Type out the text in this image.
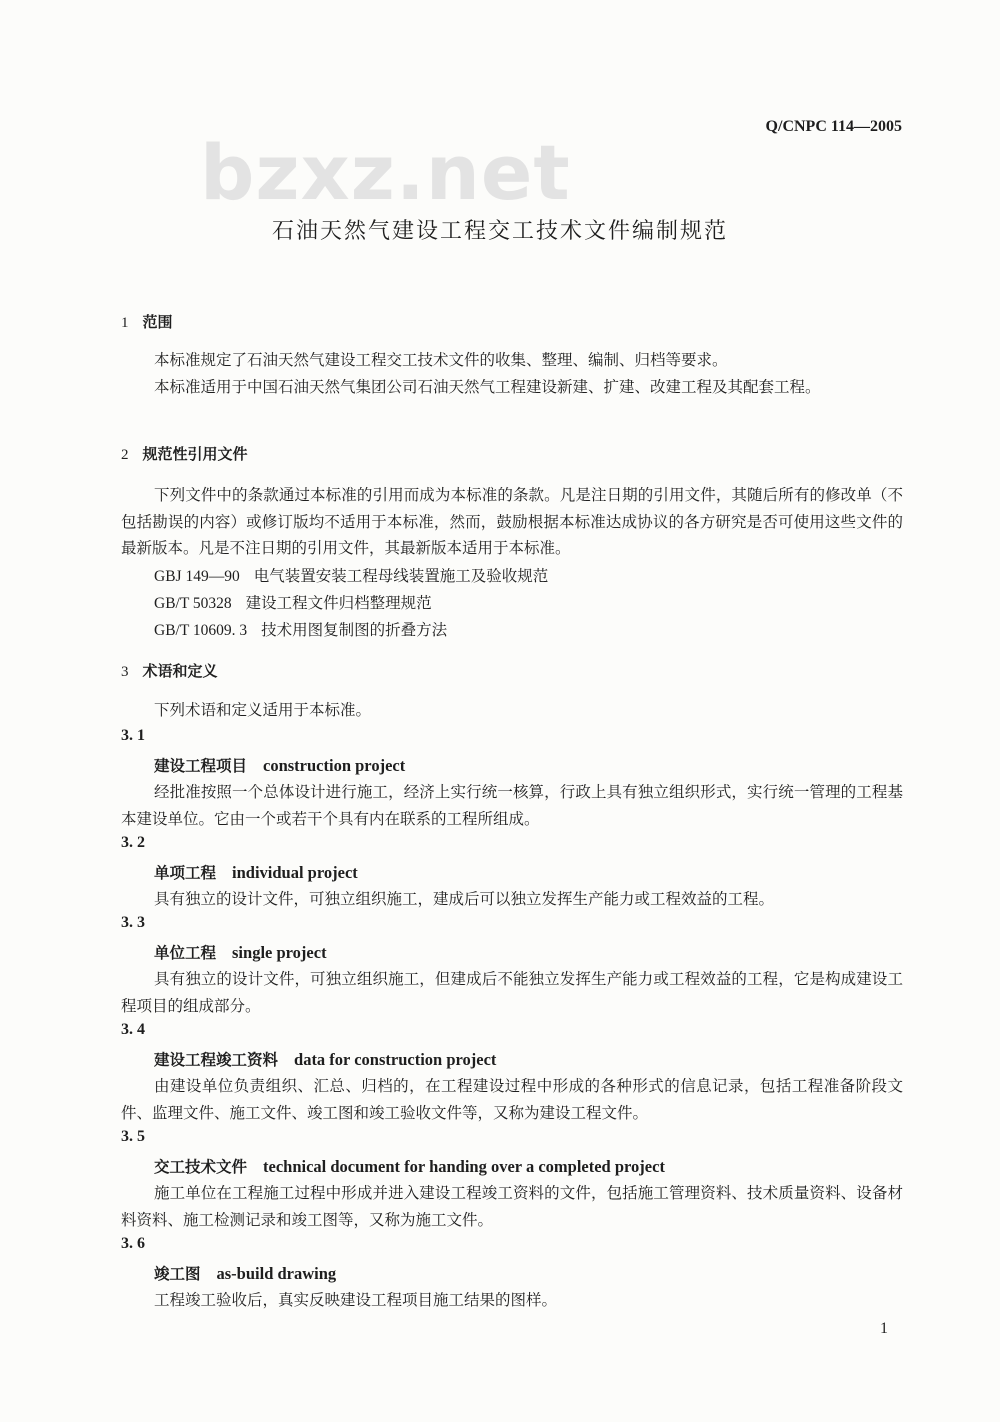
Q/CNPC 114—2005
bzxz.net
石油天然气建设工程交工技术文件编制规范
1 范围
本标准规定了石油天然气建设工程交工技术文件的收集、整理、编制、归档等要求。
本标准适用于中国石油天然气集团公司石油天然气工程建设新建、扩建、改建工程及其配套工程。
2 规范性引用文件
下列文件中的条款通过本标准的引用而成为本标准的条款。凡是注日期的引用文件，其随后所有的修改单（不包括勘误的内容）或修订版均不适用于本标准，然而，鼓励根据本标准达成协议的各方研究是否可使用这些文件的最新版本。凡是不注日期的引用文件，其最新版本适用于本标准。
GBJ 149—90 电气装置安装工程母线装置施工及验收规范
GB/T 50328 建设工程文件归档整理规范
GB/T 10609. 3 技术用图复制图的折叠方法
3 术语和定义
下列术语和定义适用于本标准。
3. 1
建设工程项目 construction project
经批准按照一个总体设计进行施工，经济上实行统一核算，行政上具有独立组织形式，实行统一管理的工程基本建设单位。它由一个或若干个具有内在联系的工程所组成。
3. 2
单项工程 individual project
具有独立的设计文件，可独立组织施工，建成后可以独立发挥生产能力或工程效益的工程。
3. 3
单位工程 single project
具有独立的设计文件，可独立组织施工，但建成后不能独立发挥生产能力或工程效益的工程，它是构成建设工程项目的组成部分。
3. 4
建设工程竣工资料 data for construction project
由建设单位负责组织、汇总、归档的，在工程建设过程中形成的各种形式的信息记录，包括工程准备阶段文件、监理文件、施工文件、竣工图和竣工验收文件等，又称为建设工程文件。
3. 5
交工技术文件 technical document for handing over a completed project
施工单位在工程施工过程中形成并进入建设工程竣工资料的文件，包括施工管理资料、技术质量资料、设备材料资料、施工检测记录和竣工图等，又称为施工文件。
3. 6
竣工图 as-build drawing
工程竣工验收后，真实反映建设工程项目施工结果的图样。
1
